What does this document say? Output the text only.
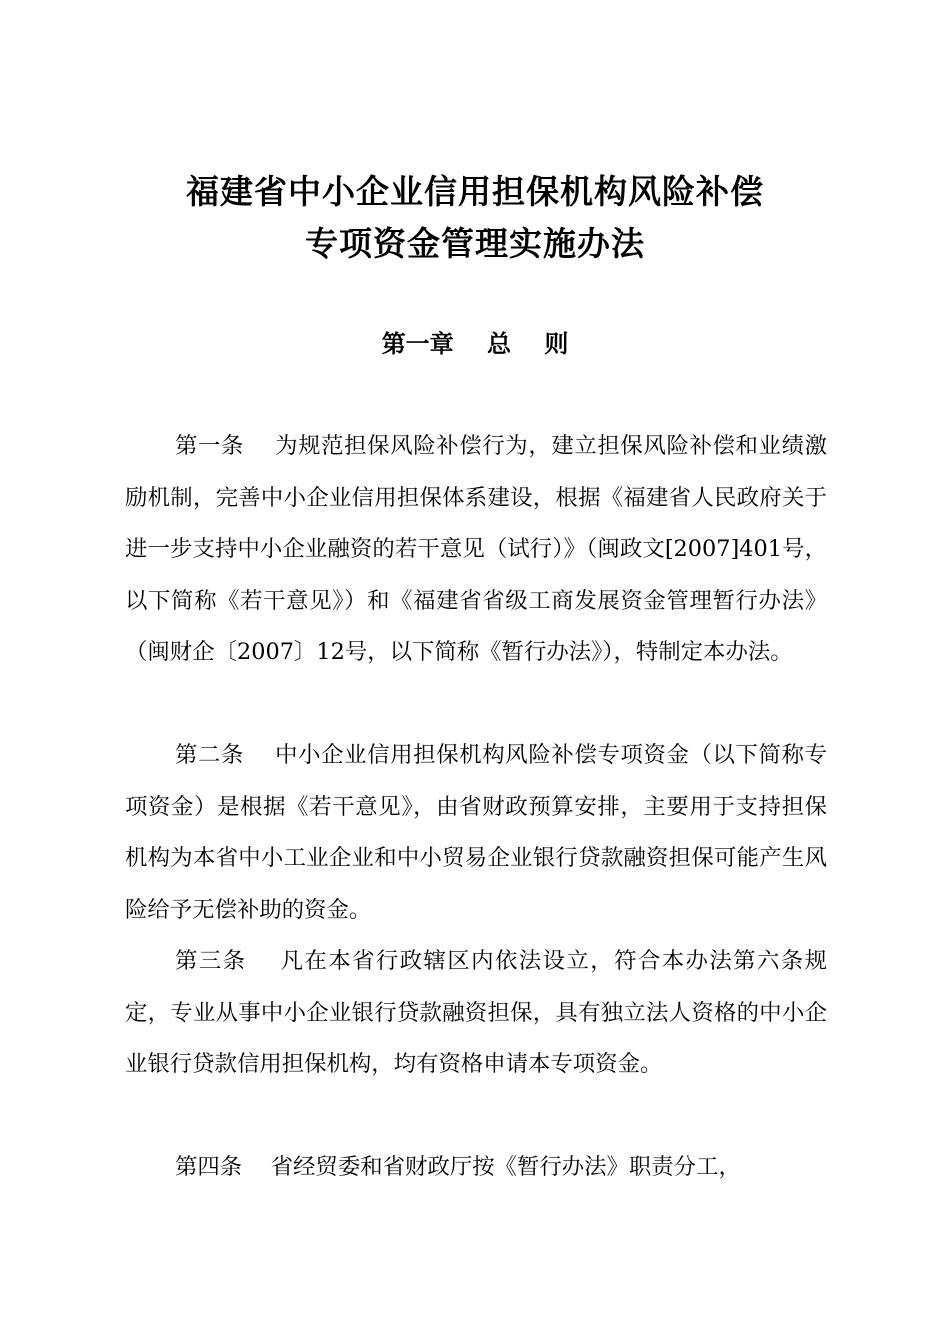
福建省中小企业信用担保机构风险补偿
专项资金管理实施办法
第一章    总    则
第一条 为规范担保风险补偿行为，建立担保风险补偿和业绩激励机制，完善中小企业信用担保体系建设，根据《福建省人民政府关于进一步支持中小企业融资的若干意见（试行）》（闽政文[2007]401号，以下简称《若干意见》）和《福建省省级工商发展资金管理暂行办法》（闽财企〔2007〕12号，以下简称《暂行办法》），特制定本办法。
第二条 中小企业信用担保机构风险补偿专项资金（以下简称专项资金）是根据《若干意见》，由省财政预算安排，主要用于支持担保机构为本省中小工业企业和中小贸易企业银行贷款融资担保可能产生风险给予无偿补助的资金。
第三条 凡在本省行政辖区内依法设立，符合本办法第六条规定，专业从事中小企业银行贷款融资担保，具有独立法人资格的中小企业银行贷款信用担保机构，均有资格申请本专项资金。
第四条 省经贸委和省财政厅按《暂行办法》职责分工，
